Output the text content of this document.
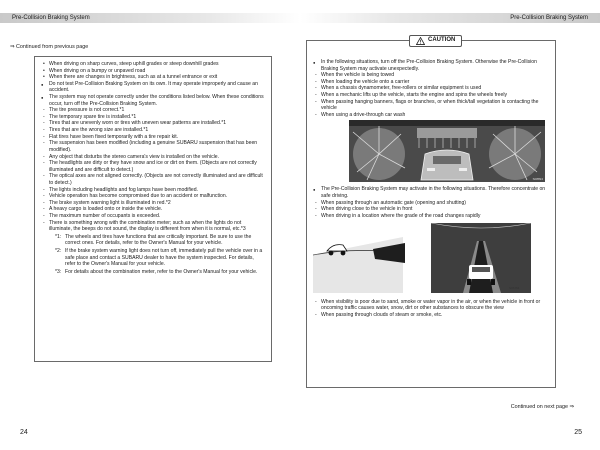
Pre-Collision Braking System
⇒ Continued from previous page
• When driving on sharp curves, steep uphill grades or steep downhill grades
• When driving on a bumpy or unpaved road
• When there are changes in brightness, such as at a tunnel entrance or exit
● Do not test Pre-Collision Braking System on its own. It may operate improperly and cause an accident.
● The system may not operate correctly under the conditions listed below. When these conditions occur, turn off the Pre-Collision Braking System.
- The tire pressure is not correct.*1
- The temporary spare tire is installed.*1
- Tires that are unevenly worn or tires with uneven wear patterns are installed.*1
- Tires that are the wrong size are installed.*1
- Flat tires have been fixed temporarily with a tire repair kit.
- The suspension has been modified (including a genuine SUBARU suspension that has been modified).
- Any object that disturbs the stereo camera's view is installed on the vehicle.
- The headlights are dirty or they have snow and ice or dirt on them. (Objects are not correctly illuminated and are difficult to detect.)
- The optical axes are not aligned correctly. (Objects are not correctly illuminated and are difficult to detect.)
- The lights including headlights and fog lamps have been modified.
- Vehicle operation has become compromised due to an accident or malfunction.
- The brake system warning light is illuminated in red.*2
- A heavy cargo is loaded onto or inside the vehicle.
- The maximum number of occupants is exceeded.
- There is something wrong with the combination meter; such as when the lights do not illuminate, the beeps do not sound, the display is different from when it is normal, etc.*3
*1: The wheels and tires have functions that are critically important. Be sure to use the correct ones. For details, refer to the Owner's Manual for your vehicle.
*2: If the brake system warning light does not turn off, immediately pull the vehicle over in a safe place and contact a SUBARU dealer to have the system inspected. For details, refer to the Owner's Manual for your vehicle.
*3: For details about the combination meter, refer to the Owner's Manual for your vehicle.
24
Pre-Collision Braking System
CAUTION
● In the following situations, turn off the Pre-Collision Braking System. Otherwise the Pre-Collision Braking System may activate unexpectedly.
- When the vehicle is being towed
- When loading the vehicle onto a carrier
- When a chassis dynamometer, free-rollers or similar equipment is used
- When a mechanic lifts up the vehicle, starts the engine and spins the wheels freely
- When passing hanging banners, flags or branches, or when thick/tall vegetation is contacting the vehicle
- When using a drive-through car wash
S08894
● The Pre-Collision Braking System may activate in the following situations. Therefore concentrate on safe driving.
- When passing through an automatic gate (opening and shutting)
- When driving close to the vehicle in front
- When driving in a location where the grade of the road changes rapidly
S07264
- When visibility is poor due to sand, smoke or water vapor in the air, or when the vehicle in front or oncoming traffic causes water, snow, dirt or other substances to obscure the view
- When passing through clouds of steam or smoke, etc.
Continued on next page ⇒
25
